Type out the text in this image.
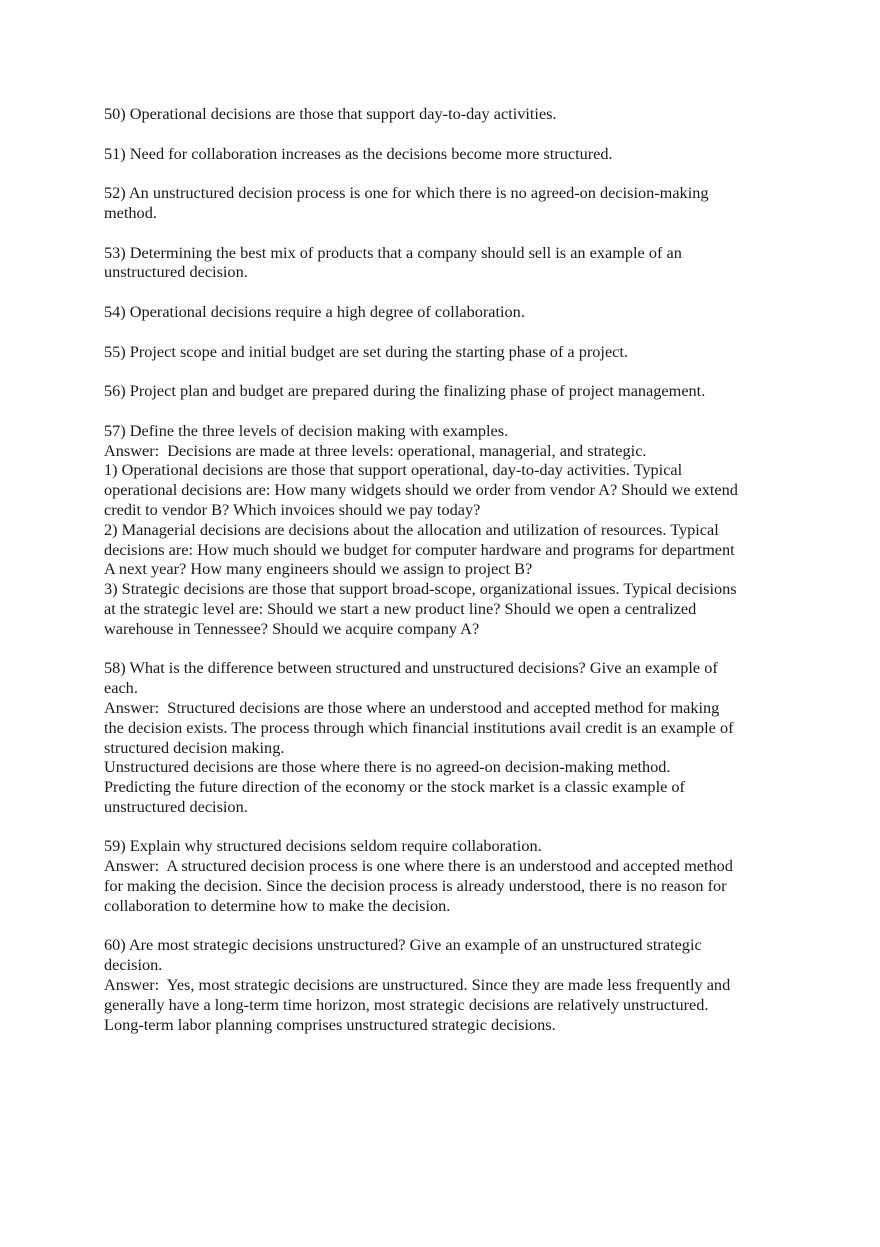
50) Operational decisions are those that support day-to-day activities.
51) Need for collaboration increases as the decisions become more structured.
52) An unstructured decision process is one for which there is no agreed-on decision-making
method.
53) Determining the best mix of products that a company should sell is an example of an
unstructured decision.
54) Operational decisions require a high degree of collaboration.
55) Project scope and initial budget are set during the starting phase of a project.
56) Project plan and budget are prepared during the finalizing phase of project management.
57) Define the three levels of decision making with examples.
Answer:  Decisions are made at three levels: operational, managerial, and strategic.
1) Operational decisions are those that support operational, day-to-day activities. Typical
operational decisions are: How many widgets should we order from vendor A? Should we extend
credit to vendor B? Which invoices should we pay today?
2) Managerial decisions are decisions about the allocation and utilization of resources. Typical
decisions are: How much should we budget for computer hardware and programs for department
A next year? How many engineers should we assign to project B?
3) Strategic decisions are those that support broad-scope, organizational issues. Typical decisions
at the strategic level are: Should we start a new product line? Should we open a centralized
warehouse in Tennessee? Should we acquire company A?
58) What is the difference between structured and unstructured decisions? Give an example of
each.
Answer:  Structured decisions are those where an understood and accepted method for making
the decision exists. The process through which financial institutions avail credit is an example of
structured decision making.
Unstructured decisions are those where there is no agreed-on decision-making method.
Predicting the future direction of the economy or the stock market is a classic example of
unstructured decision.
59) Explain why structured decisions seldom require collaboration.
Answer:  A structured decision process is one where there is an understood and accepted method
for making the decision. Since the decision process is already understood, there is no reason for
collaboration to determine how to make the decision.
60) Are most strategic decisions unstructured? Give an example of an unstructured strategic
decision.
Answer:  Yes, most strategic decisions are unstructured. Since they are made less frequently and
generally have a long-term time horizon, most strategic decisions are relatively unstructured.
Long-term labor planning comprises unstructured strategic decisions.
